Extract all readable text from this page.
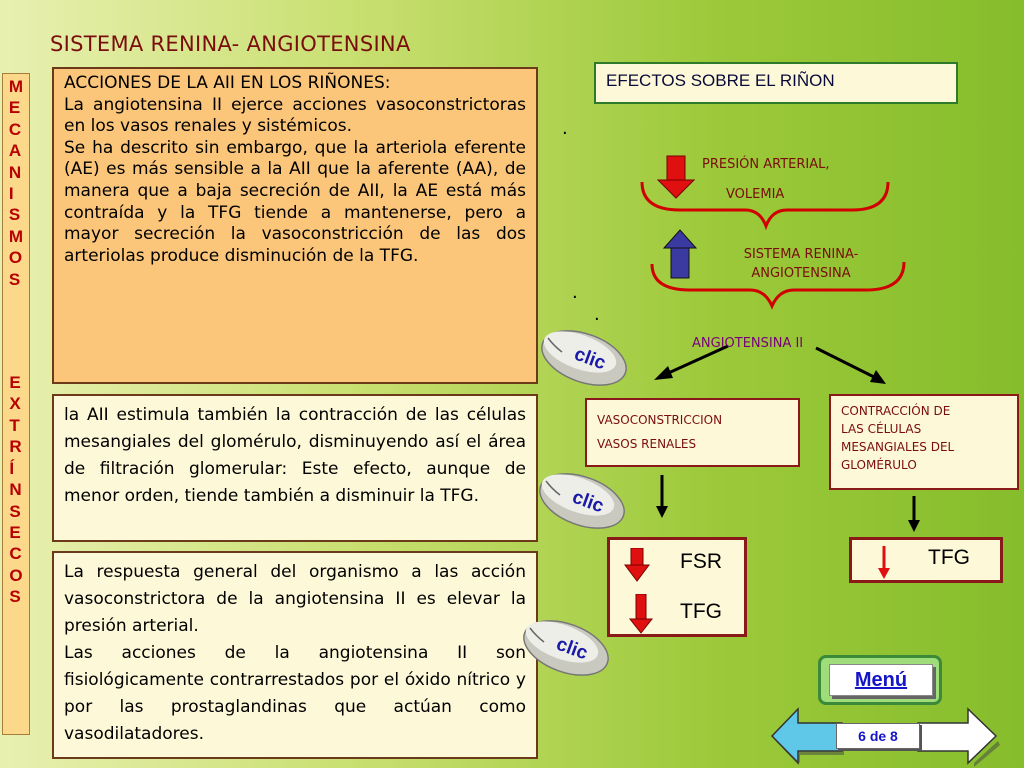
SISTEMA RENINA- ANGIOTENSINA
M
E
C
A
N
I
S
M
O
S
E
X
T
R
Í
N
S
E
C
O
S

ACCIONES DE LA AII EN LOS RIÑONES:

La angiotensina II ejerce acciones vasoconstrictoras en los vasos renales y sistémicos.

Se ha descrito sin embargo, que la arteriola eferente (AE) es más sensible a la AII que la aferente (AA), de manera que a baja secreción de AII, la AE está más contraída y la TFG tiende a mantenerse, pero a mayor secreción la vasoconstricción de las dos arteriolas produce disminución de la TFG.

la AII estimula también la contracción de las células mesangiales del glomérulo, disminuyendo así el área de filtración glomerular: Este efecto, aunque de menor orden, tiende también a disminuir la TFG.

La respuesta general del organismo a las acción vasoconstrictora de la angiotensina II es elevar la presión arterial.

Las acciones de la angiotensina II son fisiológicamente contrarrestados por el óxido nítrico y por las prostaglandinas que actúan como vasodilatadores.

clic
clic
clic
EFECTOS SOBRE EL RIÑON
.
.
.
PRESIÓN ARTERIAL,
VOLEMIA
SISTEMA RENINA-
ANGIOTENSINA
ANGIOTENSINA II
VASOCONSTRICCION
VASOS RENALES
CONTRACCIÓN DE
LAS CÉLULAS
MESANGIALES DEL
GLOMÉRULO
FSR
TFG
TFG
Menú
6 de 8
